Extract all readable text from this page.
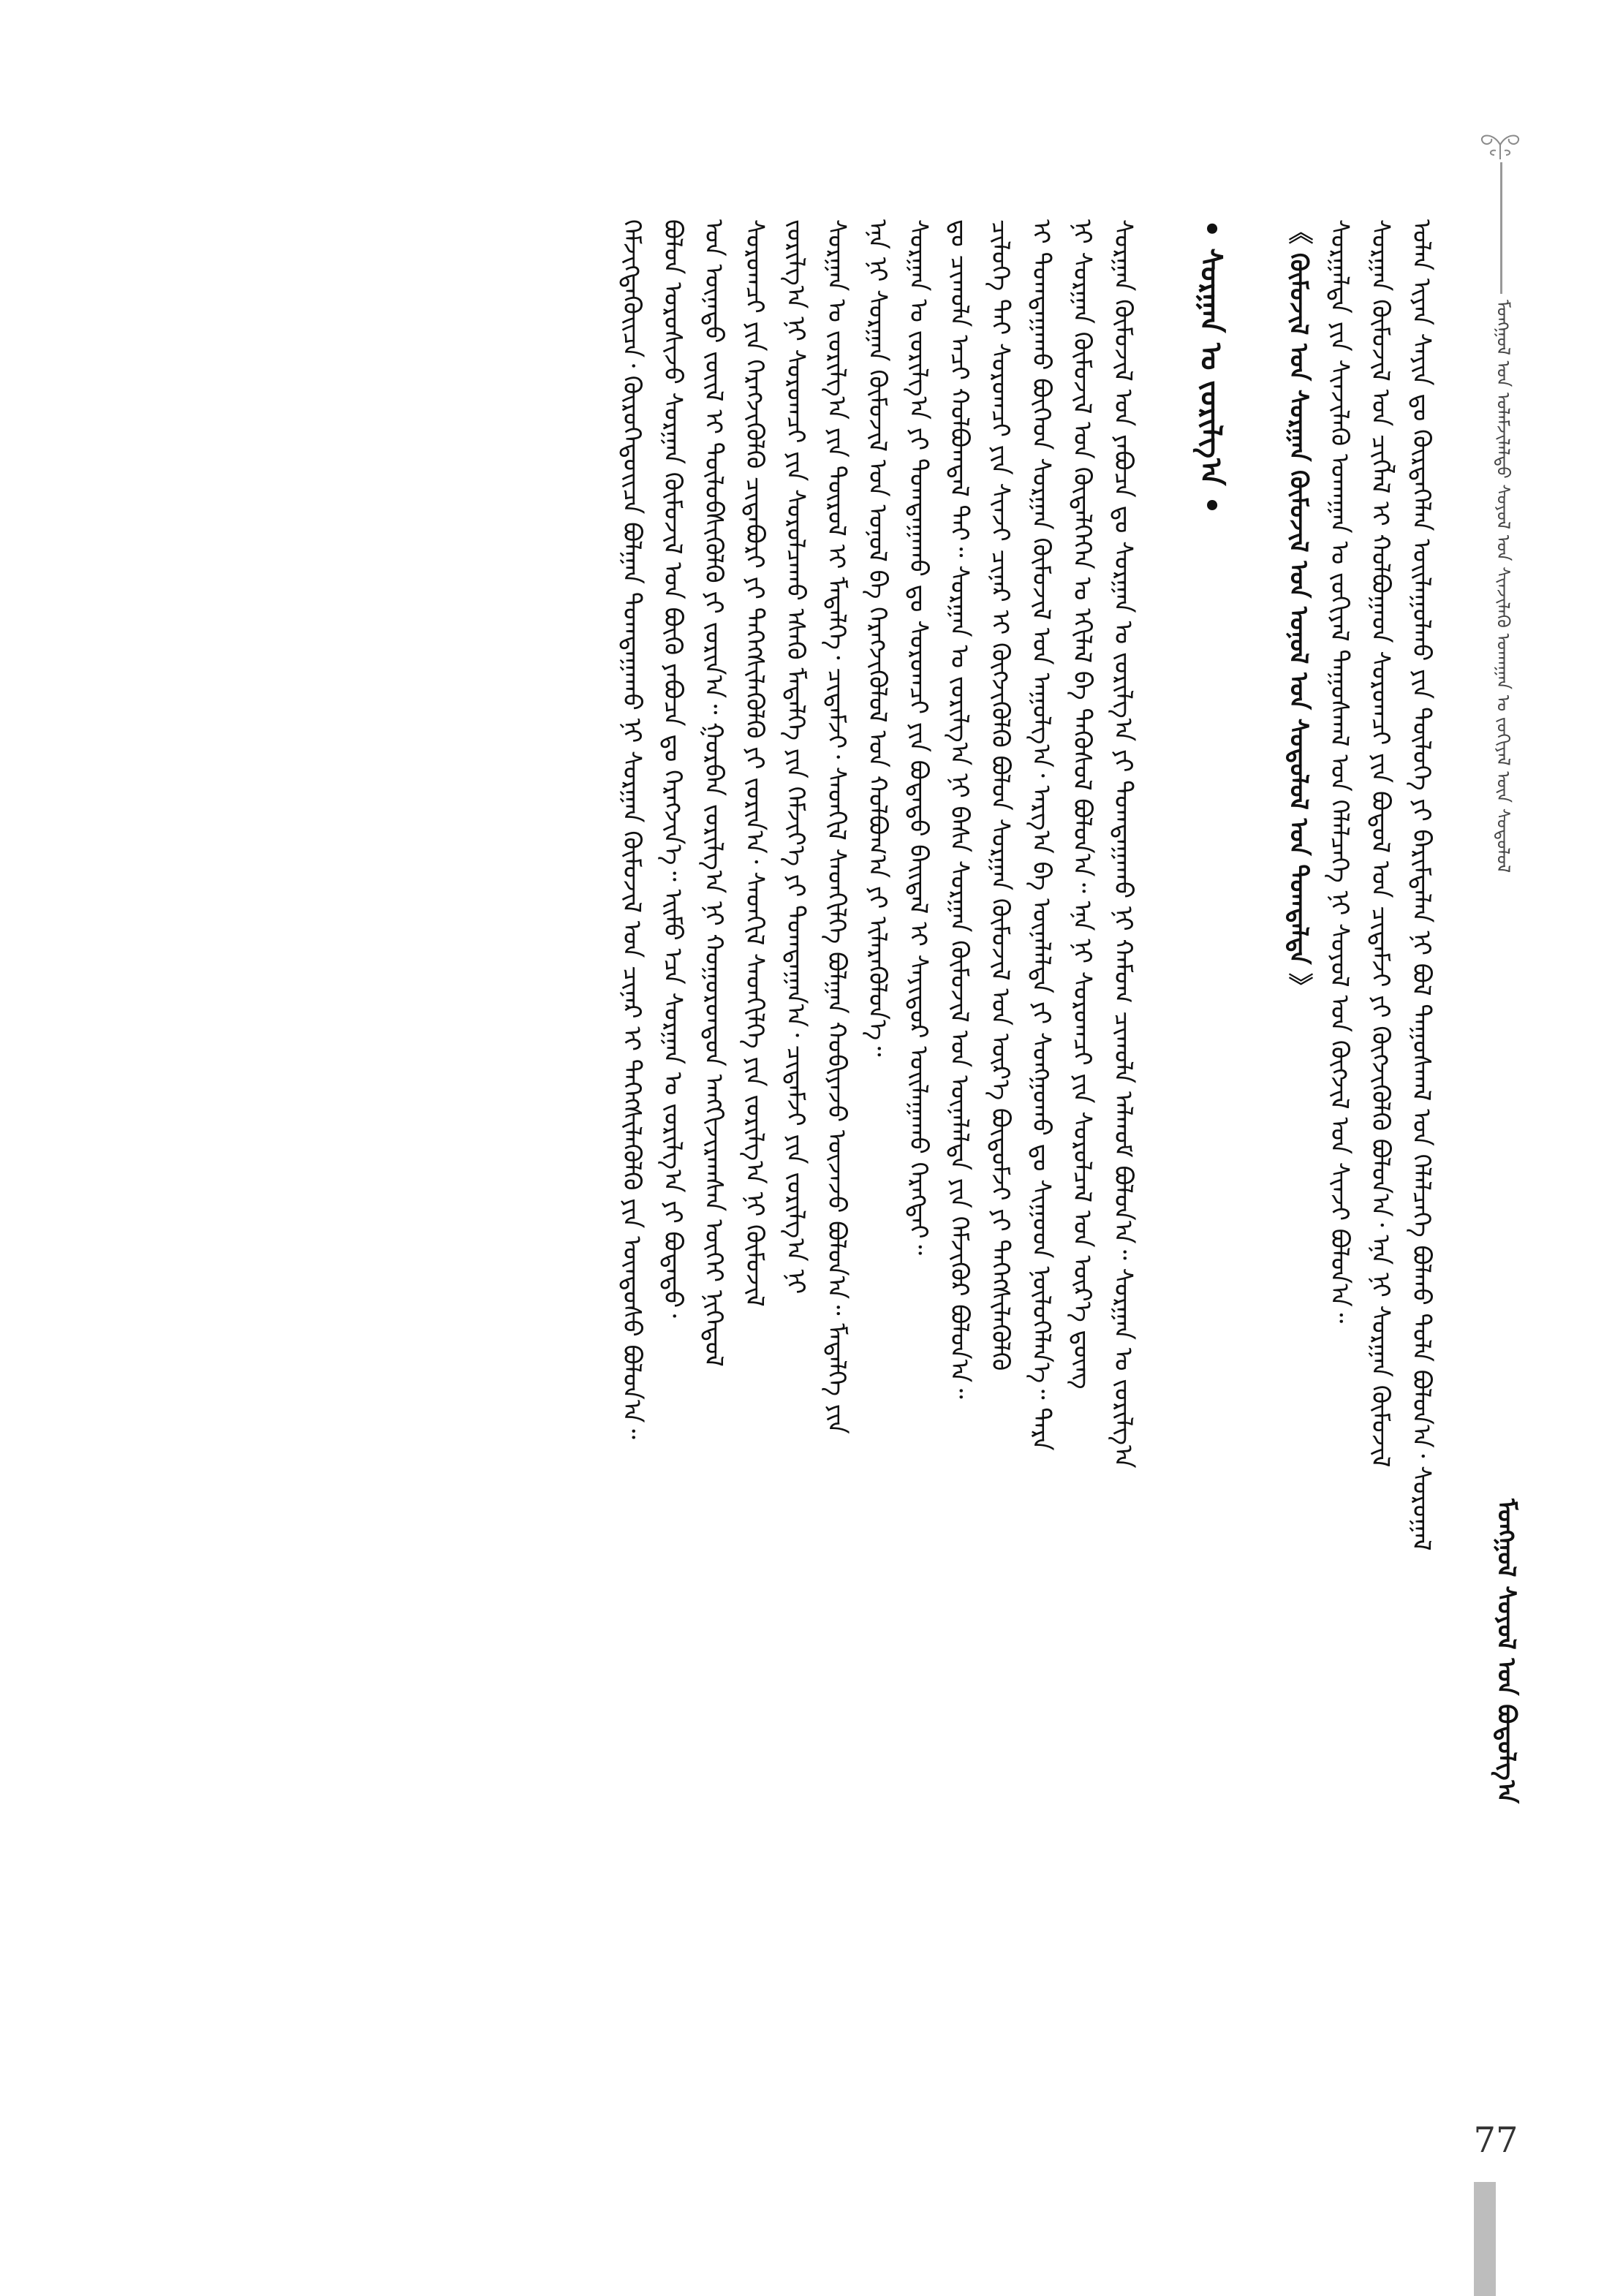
ᠮᠣᠩᠭᠣᠯ ᠤᠨ ᠤᠯᠠᠮᠵᠢᠯᠠᠯᠲᠤ ᠰᠣᠶᠤᠯ ᠤᠨ ᠰᠢᠨᠵᠢᠯᠡᠬᠦ ᠤᠬᠠᠭᠠᠨ ᠤ ᠵᠣᠬᠢᠶᠠᠯ ᠦᠨ ᠰᠤᠳᠤᠯᠤᠯ
ᠮᠣᠩᠭᠣᠯ ᠰᠣᠶᠤᠯ ᠤᠨ ᠪᠣᠳᠣᠯᠭ᠎ᠠ
ᠣᠯᠠᠨ ᠢᠶᠡᠨ ᠰᠠᠶᠢᠨ ᠳᠤ ᠬᠦᠷᠲᠡᠭᠡᠯᠡᠨ ᠣᠢᠯᠠᠭᠤᠯᠬᠤ ᠶᠢᠨ ᠲᠥᠯᠥᠭᠡ ᠶᠢ ᠪᠠᠷᠢᠮᠲᠠᠯᠠᠨ ᠨᠢ ᠪᠣᠯ ᠳᠠᠭᠤᠰᠬᠠᠯ ᠤᠨ ᠬᠡᠯᠡᠯᠴᠡᠭᠡ ᠪᠣᠯᠬᠤ ᠲᠤᠯᠠ ᠪᠣᠯᠣᠨ᠎ᠠ᠂ ᠰᠤᠷᠤᠭᠠᠯ
ᠰᠤᠷᠭᠠᠨ ᠬᠦᠮᠦᠵᠢᠯ ᠤᠨ ᠴᠢᠭᠯᠡᠯ ᠢ ᠬᠣᠯᠪᠣᠭᠠᠳ ᠰᠤᠷᠤᠭᠴᠢ ᠶᠢᠨ ᠪᠣᠳᠣᠯ ᠤᠨ ᠴᠢᠳᠠᠮᠵᠢ ᠶᠢ ᠬᠥᠭᠵᠢᠭᠦᠯᠬᠦ ᠪᠣᠯᠣᠨ᠎ᠠ᠂ ᠡᠨᠡ ᠨᠢ ᠰᠤᠷᠭᠠᠨ ᠬᠦᠮᠦᠵᠢᠯ
ᠰᠤᠷᠭᠠᠯᠲᠠ ᠶᠢᠨ ᠰᠢᠨᠵᠢᠯᠡᠬᠦ ᠤᠬᠠᠭᠠᠨ ᠤ ᠵᠣᠬᠢᠶᠠᠯ ᠳᠠᠭᠤᠰᠬᠠᠯ ᠤᠨ ᠬᠡᠯᠡᠯᠴᠡᠭᠡ ᠨᠢ ᠰᠣᠶᠤᠯ ᠤᠨ ᠬᠥᠭᠵᠢᠯ ᠤᠨ ᠰᠢᠨᠵᠢ ᠪᠣᠯᠣᠨ᠎ᠠ᠃
《 ᠬᠦᠮᠦᠵᠢᠯ ᠤᠨ ᠰᠤᠷᠭᠠᠨ ᠬᠦᠮᠦᠵᠢᠯ ᠤᠨ ᠣᠨᠣᠯ ᠤᠨ ᠰᠤᠳᠤᠯᠤᠯ ᠤᠨ ᠲᠣᠭᠲᠠᠯᠲᠠ 》
• ᠰᠤᠷᠭᠠᠨ ᠤ ᠵᠣᠷᠢᠯᠭ᠎ᠠ •
ᠰᠤᠷᠭᠠᠨ ᠬᠦᠮᠦᠵᠢᠯ ᠤᠨ ᠶᠠᠪᠤᠴᠠ ᠳᠤ ᠰᠤᠷᠭᠠᠨ ᠤ ᠵᠣᠷᠢᠯᠭ᠎ᠠ ᠶᠢ ᠲᠣᠭᠲᠠᠭᠠᠬᠤ ᠨᠢ ᠬᠠᠮᠤᠭ ᠴᠢᠬᠤᠯᠠ ᠠᠯᠬᠤᠮ ᠪᠣᠯᠣᠨ᠎ᠠ᠃ ᠰᠤᠷᠭᠠᠨ ᠤ ᠵᠣᠷᠢᠯᠭ᠎ᠠ
ᠨᠢ ᠰᠤᠷᠭᠠᠨ ᠬᠦᠮᠦᠵᠢᠯ ᠤᠨ ᠬᠥᠳᠡᠯᠭᠡᠭᠡᠨ ᠤ ᠡᠬᠢᠯᠡᠯ ᠪᠠ ᠲᠡᠭᠦᠰᠦᠯ ᠪᠣᠯᠣᠨ᠎ᠠ᠃ ᠡᠨᠡ ᠨᠢ ᠰᠤᠷᠤᠭᠴᠢ ᠶᠢᠨ ᠰᠤᠷᠤᠯᠴᠠᠯ ᠤᠨ ᠦᠷ᠎ᠡ ᠳ᠋ᠦᠩ
ᠢ ᠲᠣᠭᠲᠠᠭᠠᠬᠤ ᠪᠥᠭᠡᠳ ᠰᠤᠷᠭᠠᠨ ᠬᠦᠮᠦᠵᠢᠯ ᠤᠨ ᠠᠭᠤᠯᠭ᠎ᠠ᠂ ᠠᠷᠭ᠎ᠠ ᠪᠠ ᠦᠨᠡᠯᠡᠯᠲᠡ ᠶᠢ ᠰᠣᠩᠭᠣᠬᠤ ᠳᠤ ᠰᠢᠭᠤᠳ ᠨᠥᠯᠦᠭᠡᠯᠡᠨ᠎ᠡ᠃ ᠲᠡᠷᠡ
ᠴᠢᠯᠦᠭᠡ ᠲᠡᠢ ᠰᠤᠷᠤᠭᠴᠢ ᠶᠢᠨ ᠰᠢᠨᠵᠢ ᠴᠢᠨᠠᠷ ᠢ ᠬᠥᠭᠵᠢᠭᠦᠯᠬᠦ ᠪᠣᠯᠤᠨ ᠰᠤᠷᠭᠠᠨ ᠬᠦᠮᠦᠵᠢᠯ ᠤᠨ ᠦᠷ᠎ᠡ ᠪᠦᠲᠦᠮᠵᠢ ᠶᠢ ᠳᠡᠭᠡᠭᠰᠢᠯᠡᠭᠦᠯᠬᠦ
ᠳᠤ ᠴᠢᠬᠤᠯᠠ ᠠᠴᠢ ᠬᠣᠯᠪᠣᠭᠳᠠᠯ ᠲᠠᠢ᠃ ᠰᠤᠷᠭᠠᠨ ᠤ ᠵᠣᠷᠢᠯᠭ᠎ᠠ ᠨᠢ ᠪᠠᠰᠠ ᠰᠤᠷᠭᠠᠨ ᠬᠦᠮᠦᠵᠢᠯ ᠤᠨ ᠦᠨᠡᠯᠡᠯᠲᠡ ᠶᠢᠨ ᠬᠡᠮᠵᠢᠭᠦᠷ ᠪᠣᠯᠣᠨ᠎ᠠ᠃
ᠰᠤᠷᠭᠠᠨ ᠤ ᠵᠣᠷᠢᠯᠭ᠎ᠠ ᠶᠢ ᠲᠣᠭᠲᠠᠭᠠᠬᠤ ᠳᠤ ᠰᠤᠷᠤᠭᠴᠢ ᠶᠢᠨ ᠪᠣᠳᠠᠲᠤ ᠪᠠᠢᠳᠠᠯ ᠢ ᠰᠠᠶᠢᠲᠤᠷ ᠣᠢᠯᠠᠭᠠᠬᠤ ᠬᠡᠷᠡᠭᠲᠡᠢ᠃
ᠡᠨᠡ ᠨᠢ ᠰᠤᠷᠭᠠᠨ ᠬᠦᠮᠦᠵᠢᠯ ᠤᠨ ᠣᠨᠣᠯ ᠪᠠ ᠬᠡᠷᠡᠭᠵᠢᠭᠦᠯᠦᠯ ᠤᠨ ᠬᠣᠯᠪᠣᠭ᠎ᠠ ᠶᠢ ᠢᠯᠡᠷᠡᠭᠦᠯᠦᠨ᠎ᠡ᠃
ᠰᠤᠷᠭᠠᠨ ᠤ ᠵᠣᠷᠢᠯᠭ᠎ᠠ ᠶᠢᠨ ᠲᠥᠷᠥᠯ ᠢ ᠮᠡᠳᠡᠯᠭᠡ᠂ ᠴᠢᠳᠠᠮᠵᠢ᠂ ᠰᠡᠳᠬᠢᠯ ᠰᠡᠳᠬᠢᠯᠭᠡ ᠪᠣᠯᠭᠠᠨ ᠬᠤᠪᠢᠶᠠᠵᠤ ᠦᠵᠡᠵᠦ ᠪᠣᠯᠣᠨ᠎ᠠ᠃ ᠮᠡᠳᠡᠯᠭᠡ ᠶᠢᠨ
ᠵᠣᠷᠢᠯᠭ᠎ᠠ ᠨᠢ ᠰᠤᠷᠤᠭᠴᠢ ᠶᠢᠨ ᠰᠤᠷᠤᠯᠴᠠᠬᠤ ᠡᠰᠡᠬᠦ ᠮᠡᠳᠡᠯᠭᠡ ᠶᠢᠨ ᠬᠡᠮᠵᠢᠶ᠎ᠡ ᠶᠢ ᠲᠣᠭᠲᠠᠭᠠᠨ᠎ᠠ᠂ ᠴᠢᠳᠠᠮᠵᠢ ᠶᠢᠨ ᠵᠣᠷᠢᠯᠭ᠎ᠠ ᠨᠢ
ᠰᠤᠷᠤᠭᠴᠢ ᠶᠢᠨ ᠬᠡᠷᠡᠭᠵᠢᠭᠦᠯᠬᠦ ᠴᠢᠳᠠᠪᠤᠷᠢ ᠶᠢ ᠳᠡᠭᠡᠭᠰᠢᠯᠡᠭᠦᠯᠬᠦ ᠶᠢ ᠵᠣᠷᠢᠨ᠎ᠠ᠂ ᠰᠡᠳᠬᠢᠯ ᠰᠡᠳᠬᠢᠯᠭᠡ ᠶᠢᠨ ᠵᠣᠷᠢᠯᠭ᠎ᠠ ᠨᠢ ᠬᠦᠮᠦᠵᠢᠯ
ᠤᠨ ᠦᠨᠡᠲᠦ ᠵᠦᠢᠯ ᠢ ᠲᠥᠯᠥᠪᠰᠢᠭᠦᠯᠬᠦ ᠶᠢ ᠵᠣᠷᠢᠨ᠎ᠠ᠃ ᠭᠤᠷᠪᠠᠨ ᠵᠣᠷᠢᠯᠭ᠎ᠠ ᠨᠢ ᠬᠣᠭᠣᠷᠣᠨᠳᠣᠨ ᠠᠩᠭᠢᠵᠢᠷᠠᠭᠰᠠᠨ ᠦᠭᠡᠢ ᠨᠢᠭᠡᠳᠦᠯ
ᠪᠣᠯᠤᠨ ᠣᠷᠣᠰᠢᠵᠤ ᠰᠤᠷᠭᠠᠨ ᠬᠦᠮᠦᠵᠢᠯ ᠤᠨ ᠪᠦᠬᠦ ᠶᠠᠪᠤᠴᠠ ᠳᠤ ᠬᠡᠷᠡᠭᠵᠢᠨ᠎ᠡ᠃ ᠡᠢᠮᠦ ᠡᠴᠡ ᠰᠤᠷᠭᠠᠨ ᠤ ᠵᠣᠷᠢᠯᠭ᠎ᠠ ᠶᠢ ᠪᠣᠳᠠᠲᠤ᠂
ᠬᠡᠮᠵᠢᠭᠳᠡᠬᠦᠢᠴᠡ᠂ ᠬᠦᠷᠦᠭᠡᠳᠦᠢᠴᠡ ᠪᠣᠯᠭᠠᠨ ᠲᠣᠭᠲᠠᠭᠠᠬᠤ ᠨᠢ ᠰᠤᠷᠭᠠᠨ ᠬᠦᠮᠦᠵᠢᠯ ᠤᠨ ᠴᠢᠨᠠᠷ ᠢ ᠳᠡᠭᠡᠭᠰᠢᠯᠡᠭᠦᠯᠬᠦ ᠶᠢᠨ ᠦᠨᠳᠦᠰᠦ ᠪᠣᠯᠣᠨ᠎ᠠ᠃
77
